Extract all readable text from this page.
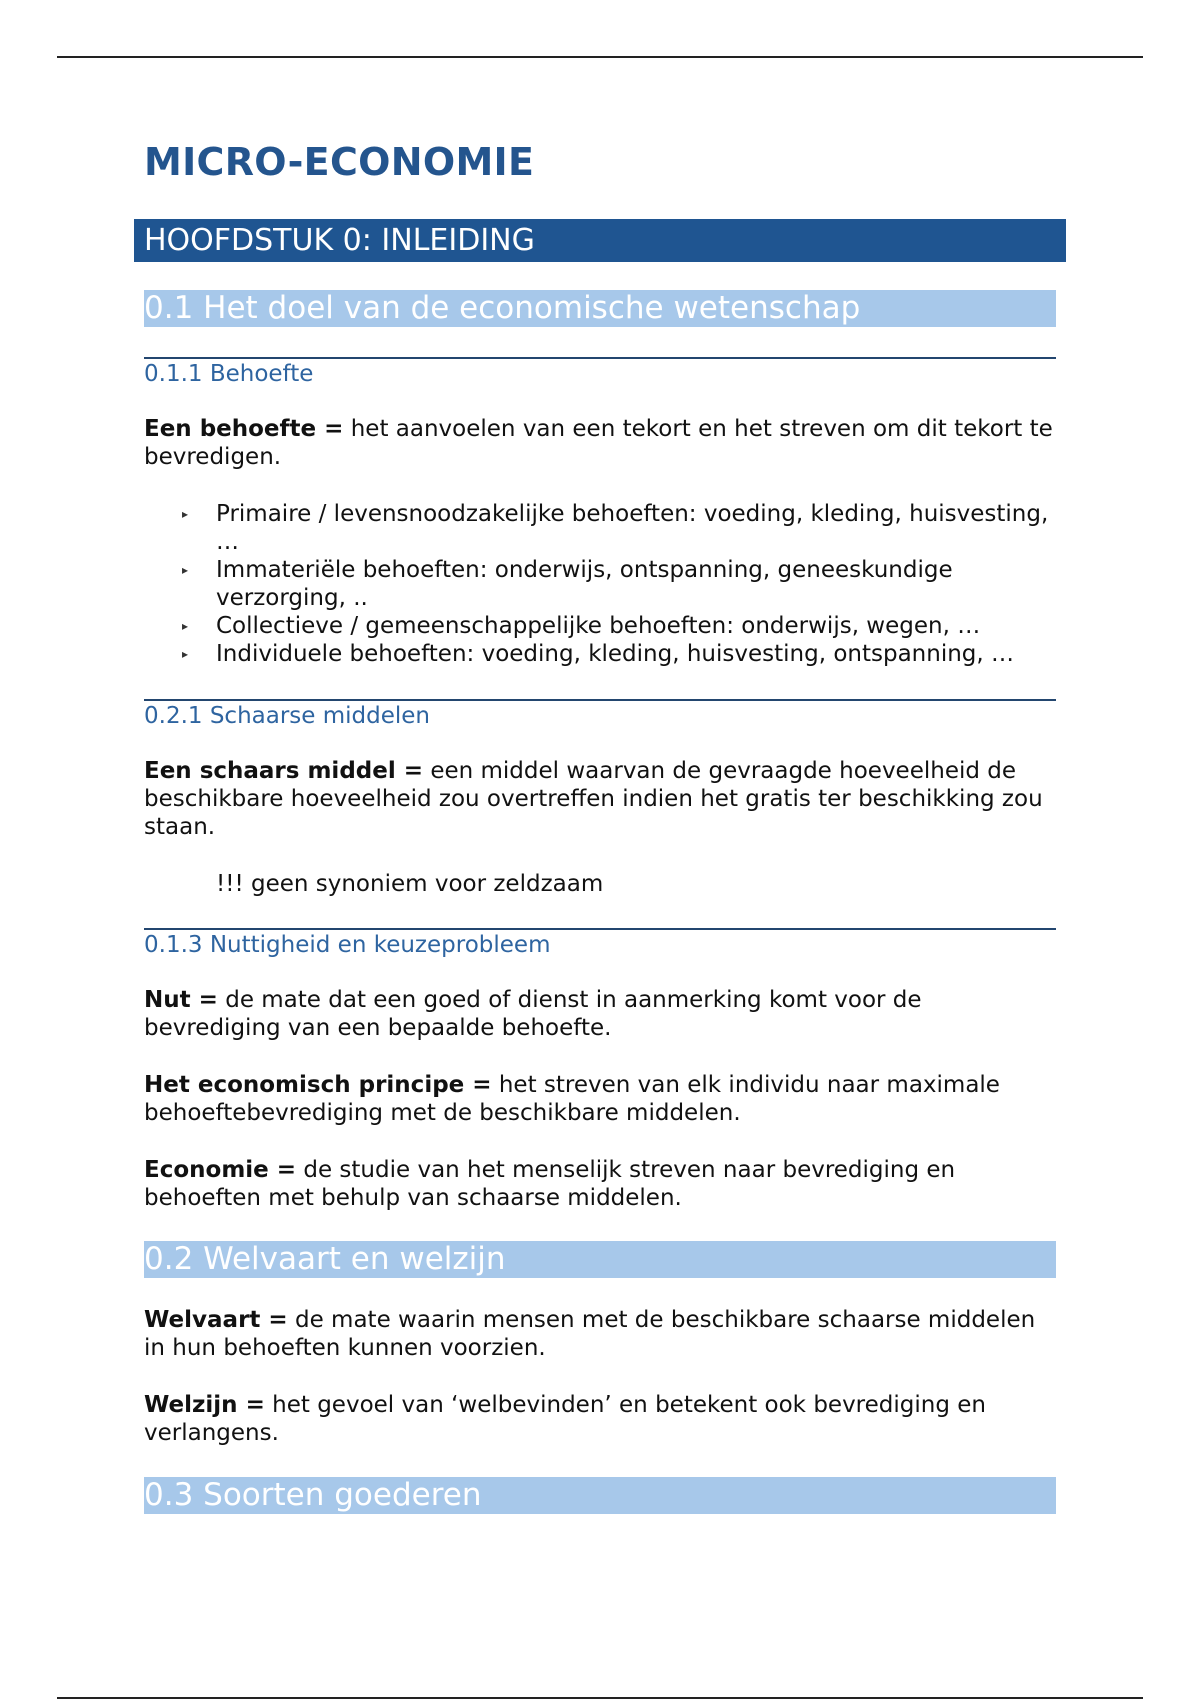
MICRO-ECONOMIE
HOOFDSTUK 0: INLEIDING
0.1 Het doel van de economische wetenschap
0.1.1 Behoefte

Een behoefte = het aanvoelen van een tekort en het streven om dit tekort te bevredigen.

▸ Primaire / levensnoodzakelijke behoeften: voeding, kleding, huisvesting, …
▸ Immateriële behoeften: onderwijs, ontspanning, geneeskundige verzorging, ..
▸ Collectieve / gemeenschappelijke behoeften: onderwijs, wegen, …
▸ Individuele behoeften: voeding, kleding, huisvesting, ontspanning, …
0.2.1 Schaarse middelen

Een schaars middel = een middel waarvan de gevraagde hoeveelheid de beschikbare hoeveelheid zou overtreffen indien het gratis ter beschikking zou staan.

!!! geen synoniem voor zeldzaam

0.1.3 Nuttigheid en keuzeprobleem

Nut = de mate dat een goed of dienst in aanmerking komt voor de bevrediging van een bepaalde behoefte.

Het economisch principe = het streven van elk individu naar maximale behoeftebevrediging met de beschikbare middelen.

Economie = de studie van het menselijk streven naar bevrediging en behoeften met behulp van schaarse middelen.

0.2 Welvaart en welzijn

Welvaart = de mate waarin mensen met de beschikbare schaarse middelen in hun behoeften kunnen voorzien.

Welzijn = het gevoel van ‘welbevinden’ en betekent ook bevrediging en verlangens.

0.3 Soorten goederen
